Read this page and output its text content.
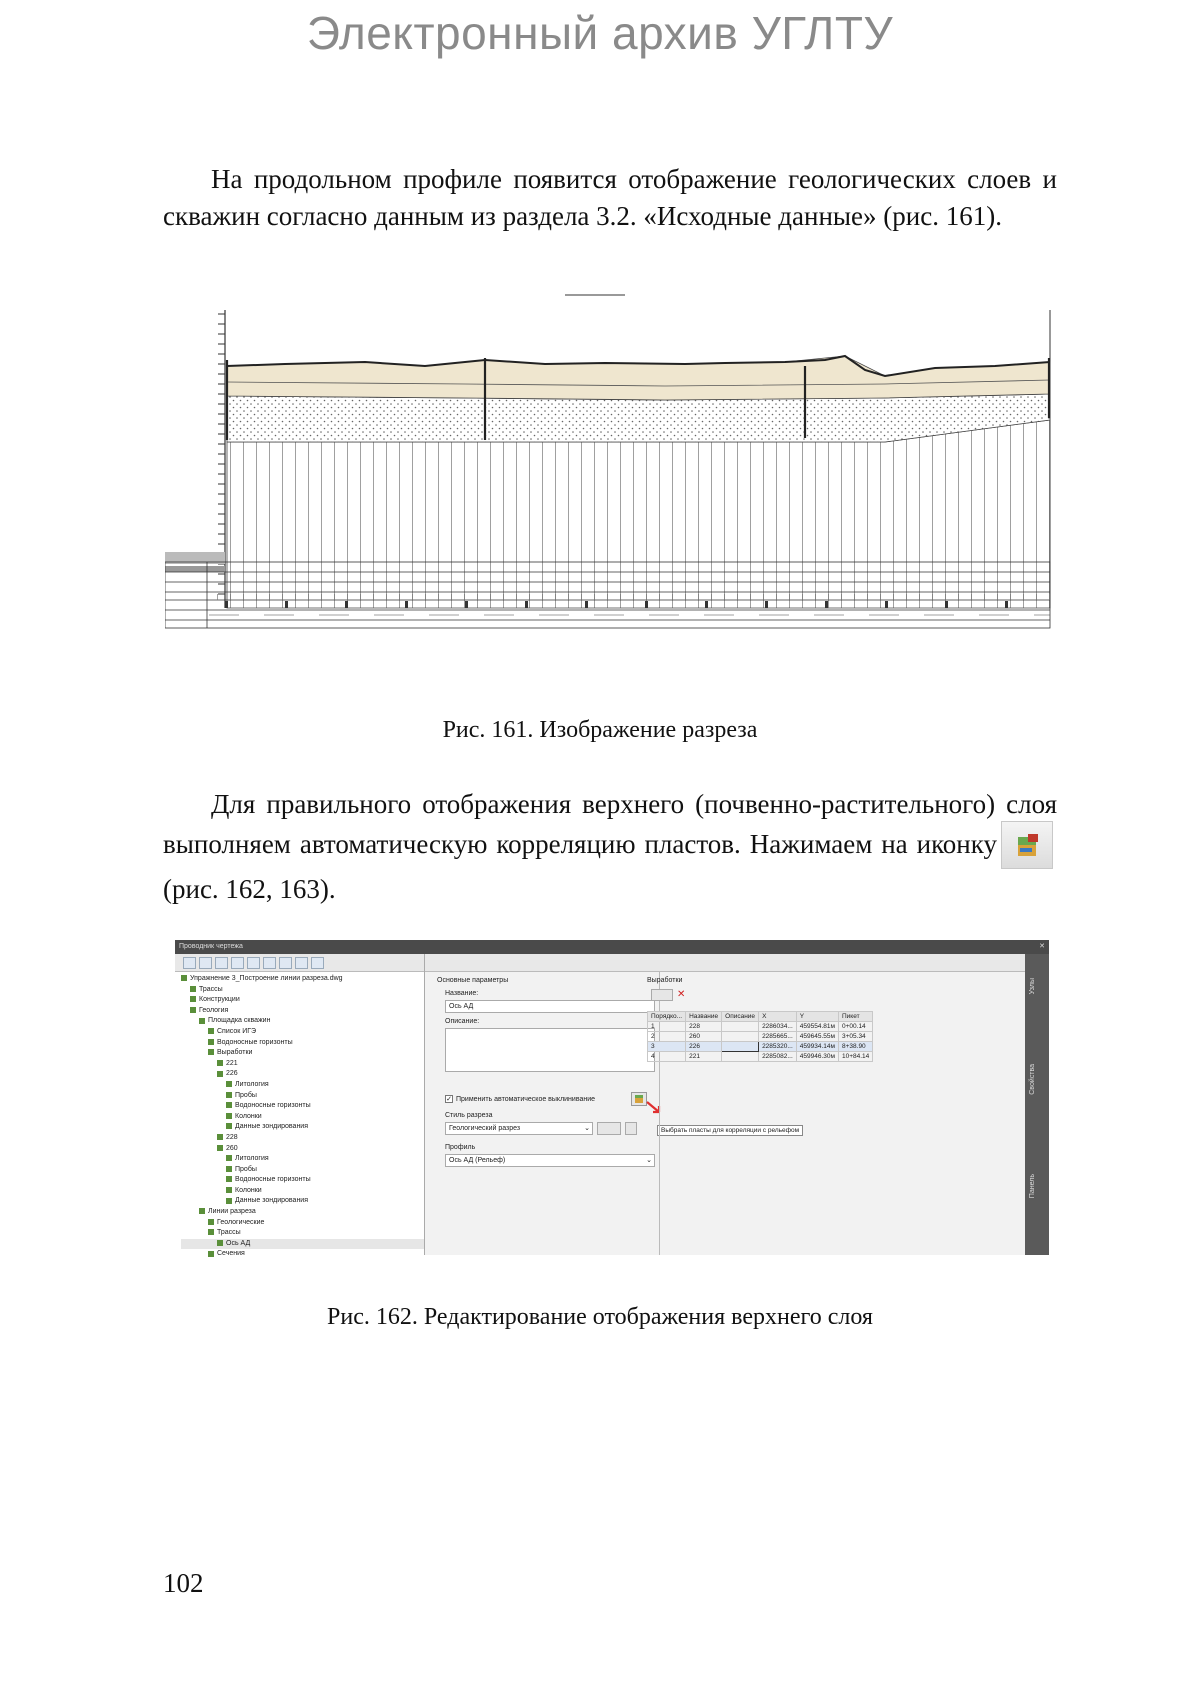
Электронный архив УГЛТУ
На продольном профиле появится отображение геологических слоев и скважин согласно данным из раздела 3.2. «Исходные данные» (рис. 161).
Рис. 161. Изображение разреза
Для правильного отображения верхнего (почвенно-растительного) слоя выполняем автоматическую корреляцию пластов. Нажимаем на иконку(рис. 162, 163).
Проводник чертежа	✕
Упражнение 3_Построение линии разреза.dwg
Трассы
Конструкции
Геология
Площадка скважин
Список ИГЭ
Водоносные горизонты
Выработки
221
226
Литология
Пробы
Водоносные горизонты
Колонки
Данные зондирования
228
260
Литология
Пробы
Водоносные горизонты
Колонки
Данные зондирования
Линии разреза
Геологические
Трассы
Ось АД
Сечения
Основные параметры
Название:
Ось АД
Описание:
✓ Применить автоматическое выклинивание
Стиль разреза
Геологический разрез	⌄	Выбрать пласты для корреляции с рельефом
Профиль
Ось АД (Рельеф)	⌄
Выработки
✕
Порядко...	Название	Описание	X	Y	Пикет
1	228		2286034...	459554.81м	0+00.14
2	260		2285665...	459645.55м	3+05.34
3	226		2285320...	459934.14м	8+38.90
4	221		2285082...	459946.30м	10+84.14
Панель
Свойства
Узлы
Рис. 162. Редактирование отображения верхнего слоя
102
